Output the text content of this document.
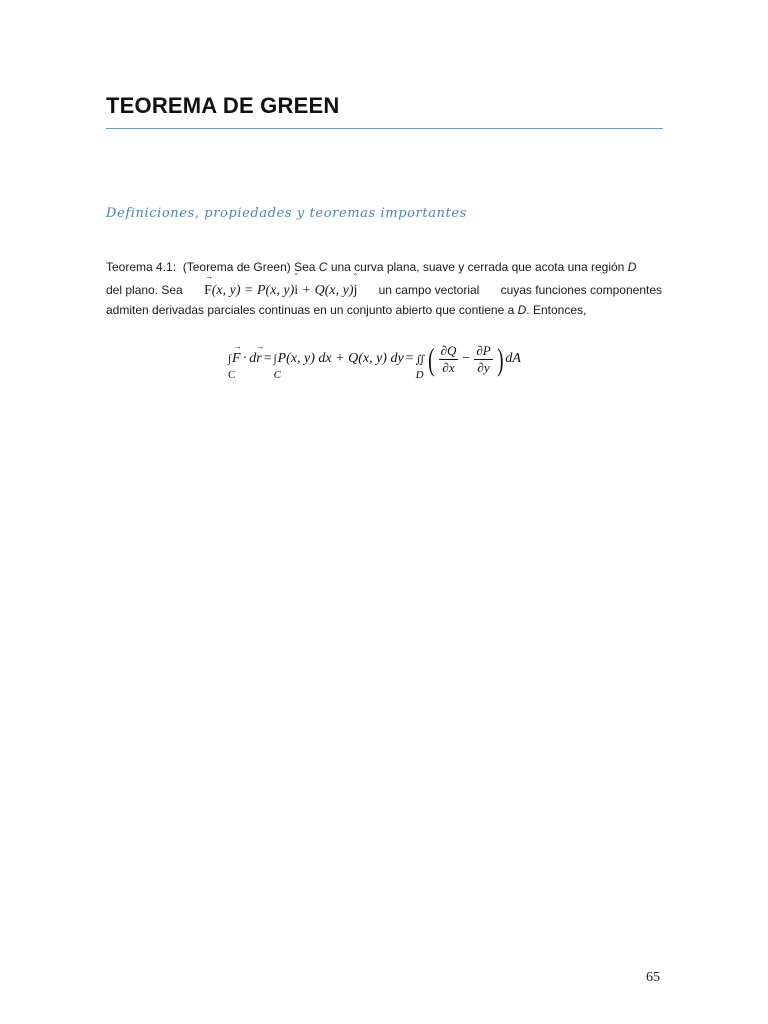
TEOREMA DE GREEN
Definiciones, propiedades y teoremas importantes
Teorema 4.1: (Teorema de Green) Sea C una curva plana, suave y cerrada que acota una región D
del plano. Sea → F(x, y) = P(x, y)ˆ i + Q(x, y)ˆ j un campo vectorial cuyas funciones componentes
admiten derivadas parciales continuas en un conjunto abierto que contiene a D. Entonces,
∫
C
→ F · d → r = ∫
C
P(x, y) dx + Q(x, y) dy = ∬
D ( $\frac{\partial Q}{\partial x} - \frac{\partial P}{\partial y}$ ) dA
65
